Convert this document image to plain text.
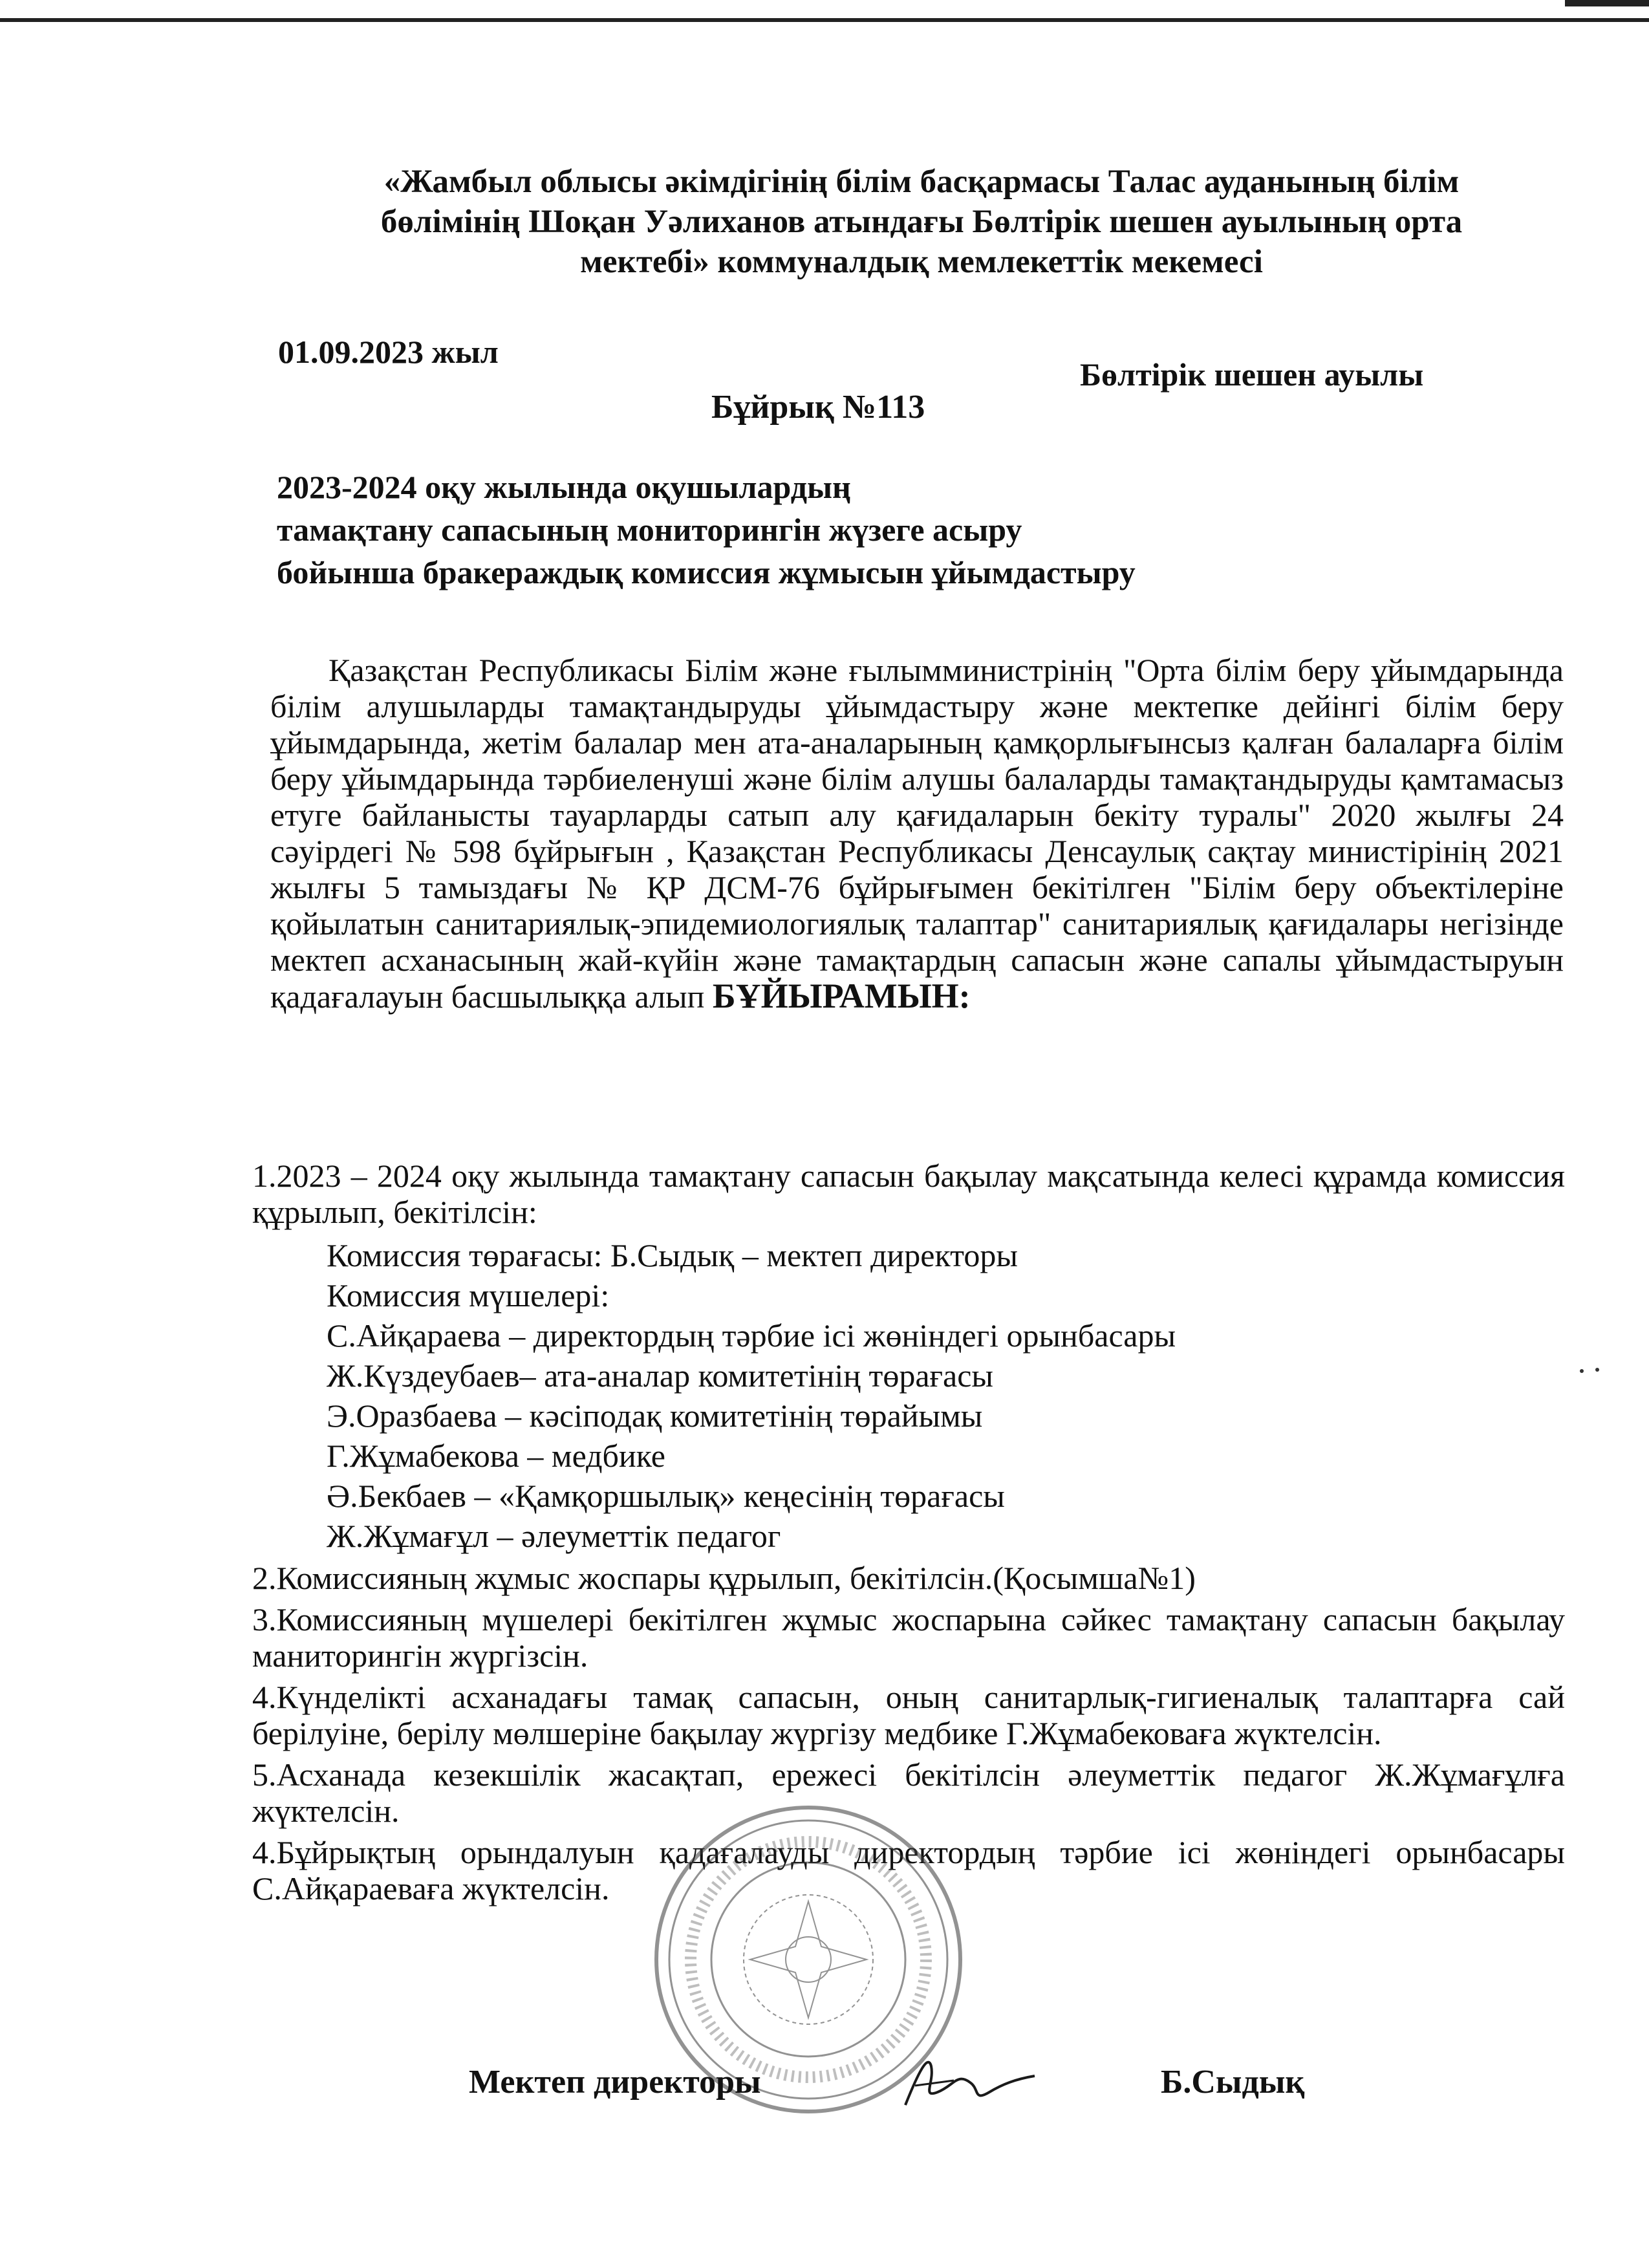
«Жамбыл облысы әкімдігінің білім басқармасы Талас ауданының білім
бөлімінің Шоқан Уәлиханов атындағы Бөлтірік шешен ауылының орта
мектебі» коммуналдық мемлекеттік мекемесі
01.09.2023 жыл
Бөлтірік шешен ауылы
Бұйрық №113
2023-2024 оқу жылында оқушылардың
тамақтану сапасының мониторингін жүзеге асыру
бойынша бракераждық комиссия жұмысын ұйымдастыру
Қазақстан Республикасы Білім және ғылымминистрінің "Орта білім беру ұйымдарында білім алушыларды тамақтандыруды ұйымдастыру және мектепке дейінгі білім беру ұйымдарында, жетім балалар мен ата-аналарының қамқорлығынсыз қалған балаларға білім беру ұйымдарында тәрбиеленуші және білім алушы балаларды тамақтандыруды қамтамасыз етуге байланысты тауарларды сатып алу қағидаларын бекіту туралы" 2020 жылғы 24 сәуірдегі № 598 бұйрығын , Қазақстан Республикасы Денсаулық сақтау министірінің 2021 жылғы 5 тамыздағы № ҚР ДСМ-76 бұйрығымен бекітілген "Білім беру объектілеріне қойылатын санитариялық-эпидемиологиялық талаптар" санитариялық қағидалары негізінде мектеп асханасының жай-күйін және тамақтардың сапасын және сапалы ұйымдастыруын қадағалауын басшылыққа алып БҰЙЫРАМЫН:

1.2023 – 2024 оқу жылында тамақтану сапасын бақылау мақсатында келесі құрамда комиссия құрылып, бекітілсін:

Комиссия төрағасы: Б.Сыдық – мектеп директоры
Комиссия мүшелері:
С.Айқараева – директордың тәрбие ісі жөніндегі орынбасары
Ж.Күздеубаев– ата-аналар комитетінің төрағасы
Э.Оразбаева – кәсіподақ комитетінің төрайымы
Г.Жұмабекова – медбике
Ә.Бекбаев – «Қамқоршылық» кеңесінің төрағасы
Ж.Жұмағұл – әлеуметтік педагог

2.Комиссияның жұмыс жоспары құрылып, бекітілсін.(Қосымша№1)

3.Комиссияның мүшелері бекітілген жұмыс жоспарына сәйкес тамақтану сапасын бақылау маниторингін жүргізсін.

4.Күнделікті асханадағы тамақ сапасын, оның санитарлық-гигиеналық талаптарға сай берілуіне, берілу мөлшеріне бақылау жүргізу медбике Г.Жұмабековаға жүктелсін.

5.Асханада кезекшілік жасақтап, ережесі бекітілсін әлеуметтік педагог Ж.Жұмағұлға жүктелсін.

4.Бұйрықтың орындалуын қадағалауды директордың тәрбие ісі жөніндегі орынбасары С.Айқараеваға жүктелсін.

Мектеп директоры	Б.Сыдық
